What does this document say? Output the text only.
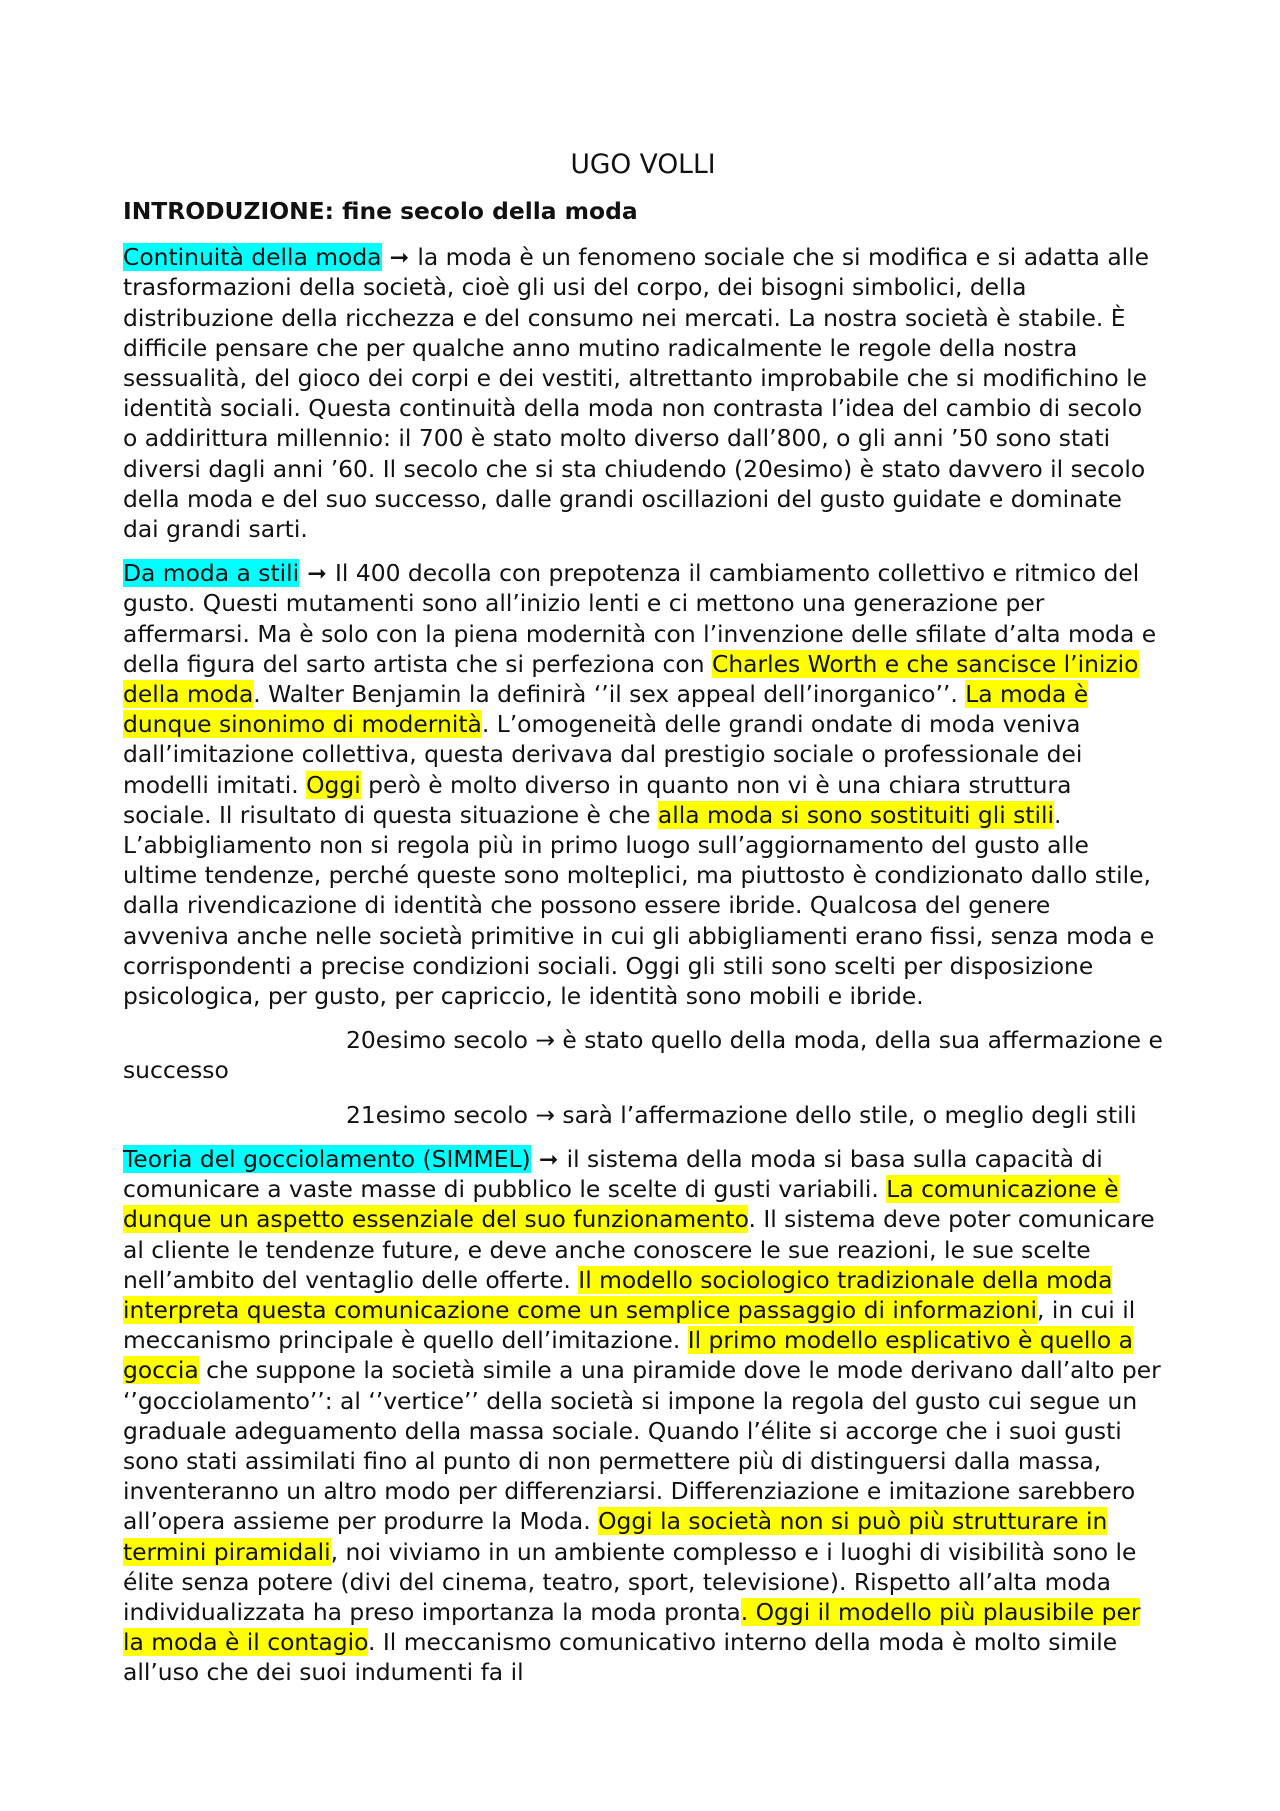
UGO VOLLI
INTRODUZIONE: fine secolo della moda

Continuità della moda ➞ la moda è un fenomeno sociale che si modifica e si adatta alle trasformazioni della società, cioè gli usi del corpo, dei bisogni simbolici, della distribuzione della ricchezza e del consumo nei mercati. La nostra società è stabile. È difficile pensare che per qualche anno mutino radicalmente le regole della nostra sessualità, del gioco dei corpi e dei vestiti, altrettanto improbabile che si modifichino le identità sociali. Questa continuità della moda non contrasta l’idea del cambio di secolo o addirittura millennio: il 700 è stato molto diverso dall’800, o gli anni ’50 sono stati diversi dagli anni ’60. Il secolo che si sta chiudendo (20esimo) è stato davvero il secolo della moda e del suo successo, dalle grandi oscillazioni del gusto guidate e dominate dai grandi sarti.

Da moda a stili ➞ Il 400 decolla con prepotenza il cambiamento collettivo e ritmico del gusto. Questi mutamenti sono all’inizio lenti e ci mettono una generazione per affermarsi. Ma è solo con la piena modernità con l’invenzione delle sfilate d’alta moda e della figura del sarto artista che si perfeziona con Charles Worth e che sancisce l’inizio della moda. Walter Benjamin la definirà ‘’il sex appeal dell’inorganico’’. La moda è dunque sinonimo di modernità. L’omogeneità delle grandi ondate di moda veniva dall’imitazione collettiva, questa derivava dal prestigio sociale o professionale dei modelli imitati. Oggi però è molto diverso in quanto non vi è una chiara struttura sociale. Il risultato di questa situazione è che alla moda si sono sostituiti gli stili. L’abbigliamento non si regola più in primo luogo sull’aggiornamento del gusto alle ultime tendenze, perché queste sono molteplici, ma piuttosto è condizionato dallo stile, dalla rivendicazione di identità che possono essere ibride. Qualcosa del genere avveniva anche nelle società primitive in cui gli abbigliamenti erano fissi, senza moda e corrispondenti a precise condizioni sociali. Oggi gli stili sono scelti per disposizione psicologica, per gusto, per capriccio, le identità sono mobili e ibride.

20esimo secolo → è stato quello della moda, della sua affermazione e successo

21esimo secolo → sarà l’affermazione dello stile, o meglio degli stili

Teoria del gocciolamento (SIMMEL) ➞ il sistema della moda si basa sulla capacità di comunicare a vaste masse di pubblico le scelte di gusti variabili. La comunicazione è dunque un aspetto essenziale del suo funzionamento. Il sistema deve poter comunicare al cliente le tendenze future, e deve anche conoscere le sue reazioni, le sue scelte nell’ambito del ventaglio delle offerte. Il modello sociologico tradizionale della moda interpreta questa comunicazione come un semplice passaggio di informazioni, in cui il meccanismo principale è quello dell’imitazione. Il primo modello esplicativo è quello a goccia che suppone la società simile a una piramide dove le mode derivano dall’alto per ‘’gocciolamento’’: al ‘’vertice’’ della società si impone la regola del gusto cui segue un graduale adeguamento della massa sociale. Quando l’élite si accorge che i suoi gusti sono stati assimilati fino al punto di non permettere più di distinguersi dalla massa, inventeranno un altro modo per differenziarsi. Differenziazione e imitazione sarebbero all’opera assieme per produrre la Moda. Oggi la società non si può più strutturare in termini piramidali, noi viviamo in un ambiente complesso e i luoghi di visibilità sono le élite senza potere (divi del cinema, teatro, sport, televisione). Rispetto all’alta moda individualizzata ha preso importanza la moda pronta. Oggi il modello più plausibile per la moda è il contagio. Il meccanismo comunicativo interno della moda è molto simile all’uso che dei suoi indumenti fa il
